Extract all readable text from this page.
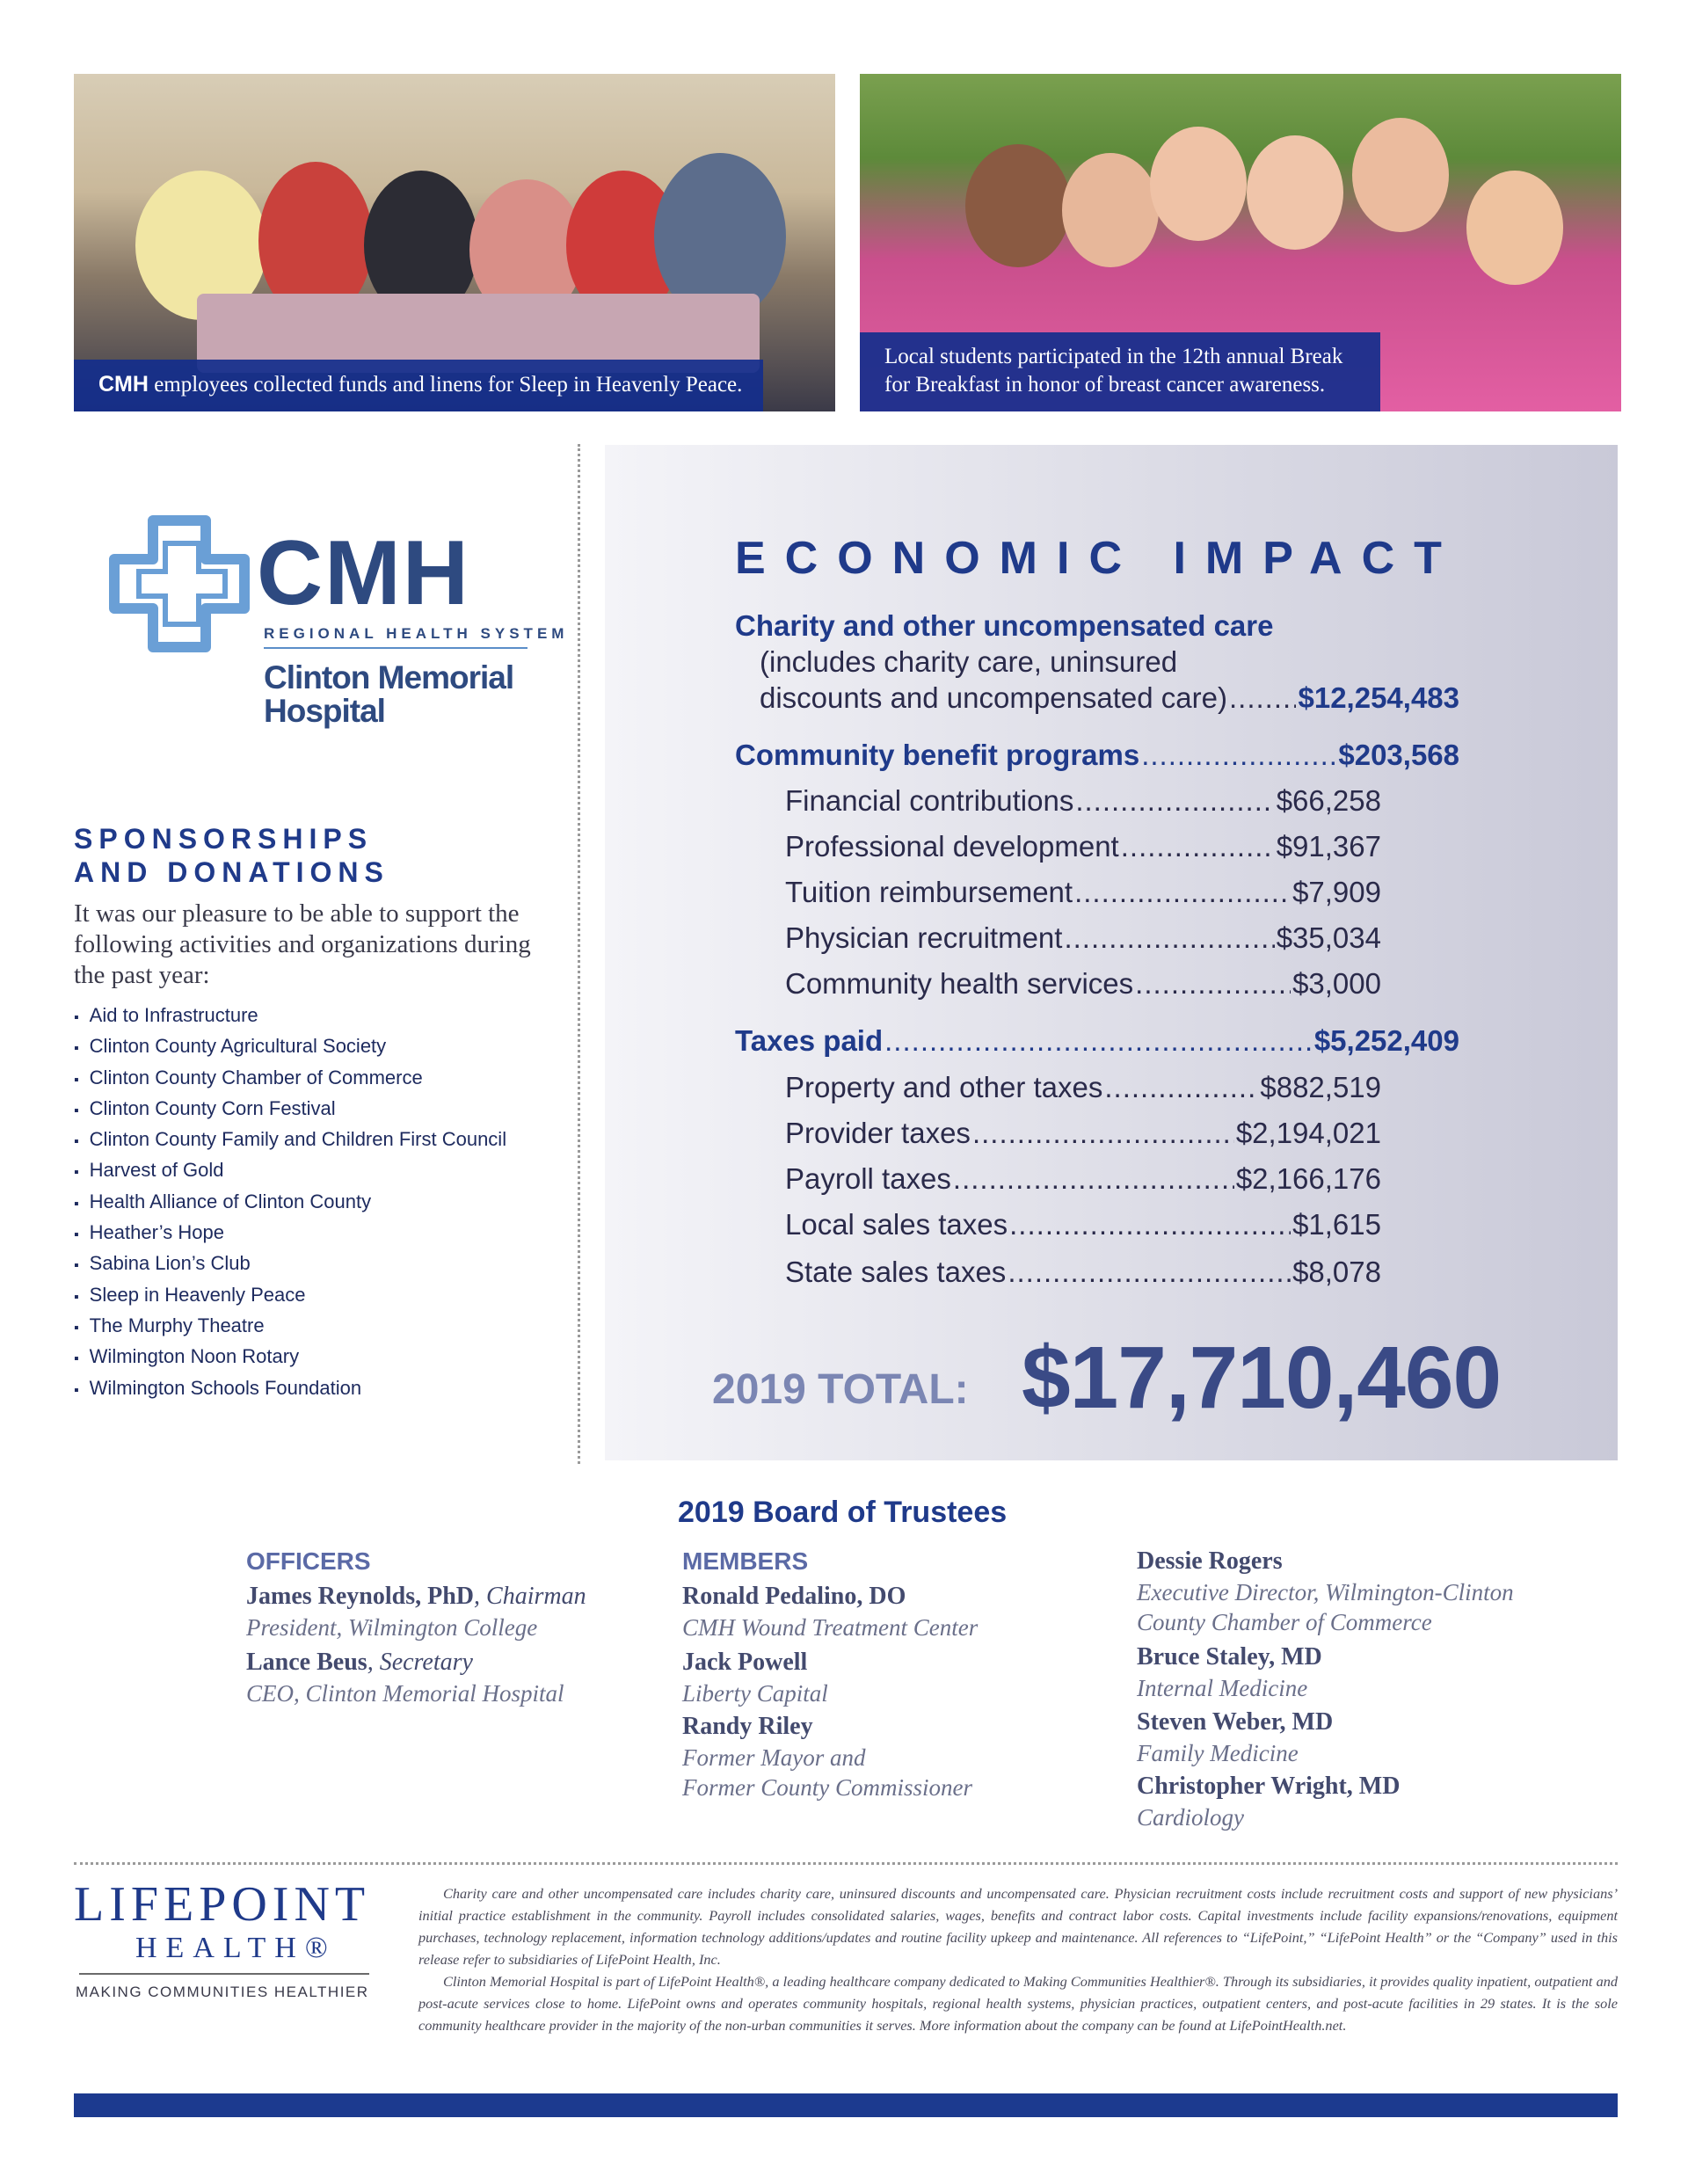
CMH employees collected funds and linens for Sleep in Heavenly Peace.
Local students participated in the 12th annual Break for Breakfast in honor of breast cancer awareness.
CMH
REGIONAL HEALTH SYSTEM
Clinton Memorial
Hospital
SPONSORSHIPS
AND DONATIONS
It was our pleasure to be able to support the following activities and organizations during the past year:
▪ Aid to Infrastructure
▪ Clinton County Agricultural Society
▪ Clinton County Chamber of Commerce
▪ Clinton County Corn Festival
▪ Clinton County Family and Children First Council
▪ Harvest of Gold
▪ Health Alliance of Clinton County
▪ Heather’s Hope
▪ Sabina Lion’s Club
▪ Sleep in Heavenly Peace
▪ The Murphy Theatre
▪ Wilmington Noon Rotary
▪ Wilmington Schools Foundation
ECONOMIC IMPACT
Charity and other uncompensated care
(includes charity care, uninsured
discounts and uncompensated care) ..... $12,254,483
Community benefit programs .....	$203,568
Financial contributions .....	$66,258
Professional development .....	$91,367
Tuition reimbursement .....	$7,909
Physician recruitment .....	$35,034
Community health services .....	$3,000
Taxes paid .....	$5,252,409
Property and other taxes .....	$882,519
Provider taxes .....	$2,194,021
Payroll taxes .....	$2,166,176
Local sales taxes .....	$1,615
State sales taxes .....	$8,078
2019 TOTAL: $17,710,460
2019 Board of Trustees
OFFICERS	MEMBERS
James Reynolds, PhD, Chairman
President, Wilmington College
Lance Beus, Secretary
CEO, Clinton Memorial Hospital
Ronald Pedalino, DO
CMH Wound Treatment Center
Jack Powell
Liberty Capital
Randy Riley
Former Mayor and
Former County Commissioner
Dessie Rogers
Executive Director, Wilmington-Clinton
County Chamber of Commerce
Bruce Staley, MD
Internal Medicine
Steven Weber, MD
Family Medicine
Christopher Wright, MD
Cardiology
LIFEPOINT
HEALTH®
MAKING COMMUNITIES HEALTHIER

Charity care and other uncompensated care includes charity care, uninsured discounts and uncompensated care. Physician recruitment costs include recruitment costs and support of new physicians’ initial practice establishment in the community. Payroll includes consolidated salaries, wages, benefits and contract labor costs. Capital investments include facility expansions/renovations, equipment purchases, technology replacement, information technology additions/updates and routine facility upkeep and maintenance. All references to “LifePoint,” “LifePoint Health” or the “Company” used in this release refer to subsidiaries of LifePoint Health, Inc.

Clinton Memorial Hospital is part of LifePoint Health®, a leading healthcare company dedicated to Making Communities Healthier®. Through its subsidiaries, it provides quality inpatient, outpatient and post-acute services close to home. LifePoint owns and operates community hospitals, regional health systems, physician practices, outpatient centers, and post-acute facilities in 29 states. It is the sole community healthcare provider in the majority of the non-urban communities it serves. More information about the company can be found at LifePointHealth.net.
